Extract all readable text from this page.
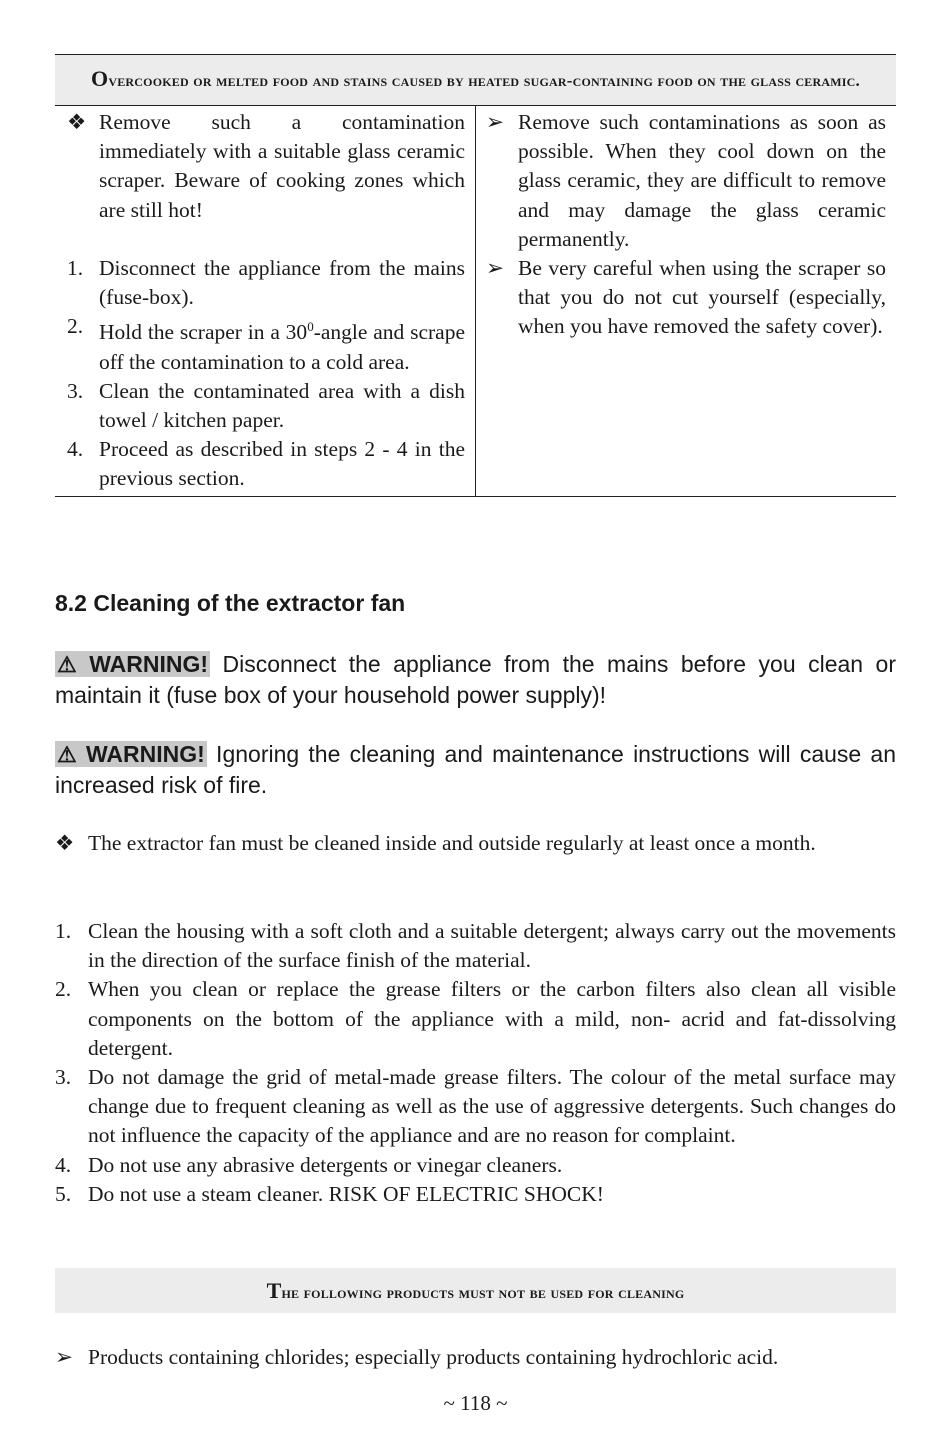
Overcooked or melted food and stains caused by heated sugar-containing food on the glass ceramic.
❖ Remove such a contamination immediately with a suitable glass ceramic scraper. Beware of cooking zones which are still hot!
1. Disconnect the appliance from the mains (fuse-box).
2. Hold the scraper in a $30^0$-angle and scrape off the contamination to a cold area.
3. Clean the contaminated area with a dish towel / kitchen paper.
4. Proceed as described in steps 2 - 4 in the previous section.
➢ Remove such contaminations as soon as possible. When they cool down on the glass ceramic, they are difficult to remove and may damage the glass ceramic permanently.
➢ Be very careful when using the scraper so that you do not cut yourself (especially, when you have removed the safety cover).
8.2 Cleaning of the extractor fan
⚠ WARNING! Disconnect the appliance from the mains before you clean or maintain it (fuse box of your household power supply)!
⚠ WARNING! Ignoring the cleaning and maintenance instructions will cause an increased risk of fire.
❖ The extractor fan must be cleaned inside and outside regularly at least once a month.
1. Clean the housing with a soft cloth and a suitable detergent; always carry out the movements in the direction of the surface finish of the material.
2. When you clean or replace the grease filters or the carbon filters also clean all visible components on the bottom of the appliance with a mild, non- acrid and fat-dissolving detergent.
3. Do not damage the grid of metal-made grease filters. The colour of the metal surface may change due to frequent cleaning as well as the use of aggressive detergents. Such changes do not influence the capacity of the appliance and are no reason for complaint.
4. Do not use any abrasive detergents or vinegar cleaners.
5. Do not use a steam cleaner. RISK OF ELECTRIC SHOCK!
The following products must not be used for cleaning
➢ Products containing chlorides; especially products containing hydrochloric acid.
~ 118 ~
